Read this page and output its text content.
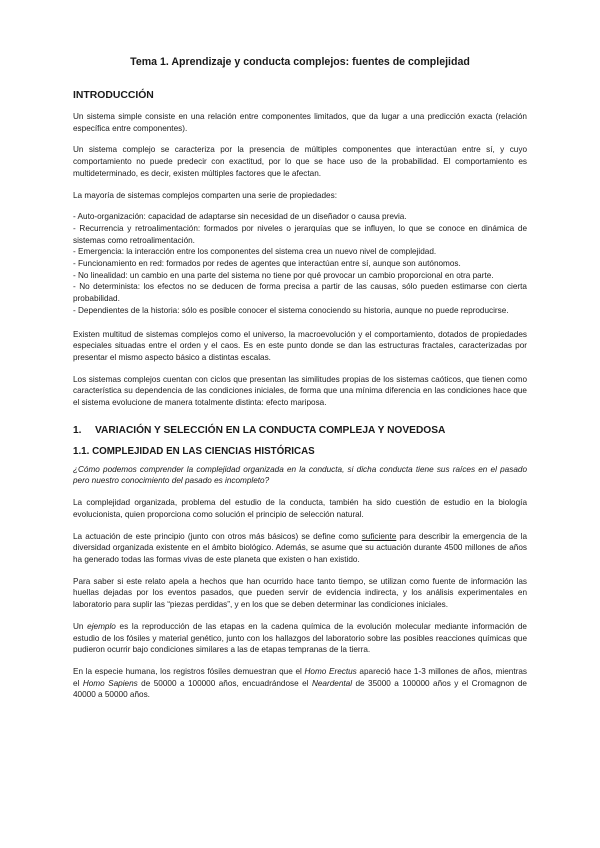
Tema 1. Aprendizaje y conducta complejos: fuentes de complejidad
INTRODUCCIÓN

Un sistema simple consiste en una relación entre componentes limitados, que da lugar a una predicción exacta (relación específica entre componentes).

Un sistema complejo se caracteriza por la presencia de múltiples componentes que interactúan entre sí, y cuyo comportamiento no puede predecir con exactitud, por lo que se hace uso de la probabilidad. El comportamiento es multideterminado, es decir, existen múltiples factores que le afectan.

La mayoría de sistemas complejos comparten una serie de propiedades:

- Auto-organización: capacidad de adaptarse sin necesidad de un diseñador o causa previa.
- Recurrencia y retroalimentación: formados por niveles o jerarquías que se influyen, lo que se conoce en dinámica de sistemas como retroalimentación.
- Emergencia: la interacción entre los componentes del sistema crea un nuevo nivel de complejidad.
- Funcionamiento en red: formados por redes de agentes que interactúan entre sí, aunque son autónomos.
- No linealidad: un cambio en una parte del sistema no tiene por qué provocar un cambio proporcional en otra parte.
- No determinista: los efectos no se deducen de forma precisa a partir de las causas, sólo pueden estimarse con cierta probabilidad.
- Dependientes de la historia: sólo es posible conocer el sistema conociendo su historia, aunque no puede reproducirse.

Existen multitud de sistemas complejos como el universo, la macroevolución y el comportamiento, dotados de propiedades especiales situadas entre el orden y el caos. Es en este punto donde se dan las estructuras fractales, caracterizadas por presentar el mismo aspecto básico a distintas escalas.

Los sistemas complejos cuentan con ciclos que presentan las similitudes propias de los sistemas caóticos, que tienen como característica su dependencia de las condiciones iniciales, de forma que una mínima diferencia en las condiciones hace que el sistema evolucione de manera totalmente distinta: efecto mariposa.

1. VARIACIÓN Y SELECCIÓN EN LA CONDUCTA COMPLEJA Y NOVEDOSA
1.1. COMPLEJIDAD EN LAS CIENCIAS HISTÓRICAS

¿Cómo podemos comprender la complejidad organizada en la conducta, si dicha conducta tiene sus raíces en el pasado pero nuestro conocimiento del pasado es incompleto?

La complejidad organizada, problema del estudio de la conducta, también ha sido cuestión de estudio en la biología evolucionista, quien proporciona como solución el principio de selección natural.

La actuación de este principio (junto con otros más básicos) se define como suficiente para describir la emergencia de la diversidad organizada existente en el ámbito biológico. Además, se asume que su actuación durante 4500 millones de años ha generado todas las formas vivas de este planeta que existen o han existido.

Para saber si este relato apela a hechos que han ocurrido hace tanto tiempo, se utilizan como fuente de información las huellas dejadas por los eventos pasados, que pueden servir de evidencia indirecta, y los análisis experimentales en laboratorio para suplir las “piezas perdidas”, y en los que se deben determinar las condiciones iniciales.

Un ejemplo es la reproducción de las etapas en la cadena química de la evolución molecular mediante información de estudio de los fósiles y material genético, junto con los hallazgos del laboratorio sobre las posibles reacciones químicas que pudieron ocurrir bajo condiciones similares a las de etapas tempranas de la tierra.

En la especie humana, los registros fósiles demuestran que el Homo Erectus apareció hace 1-3 millones de años, mientras el Homo Sapiens de 50000 a 100000 años, encuadrándose el Neardental de 35000 a 100000 años y el Cromagnon de 40000 a 50000 años.
